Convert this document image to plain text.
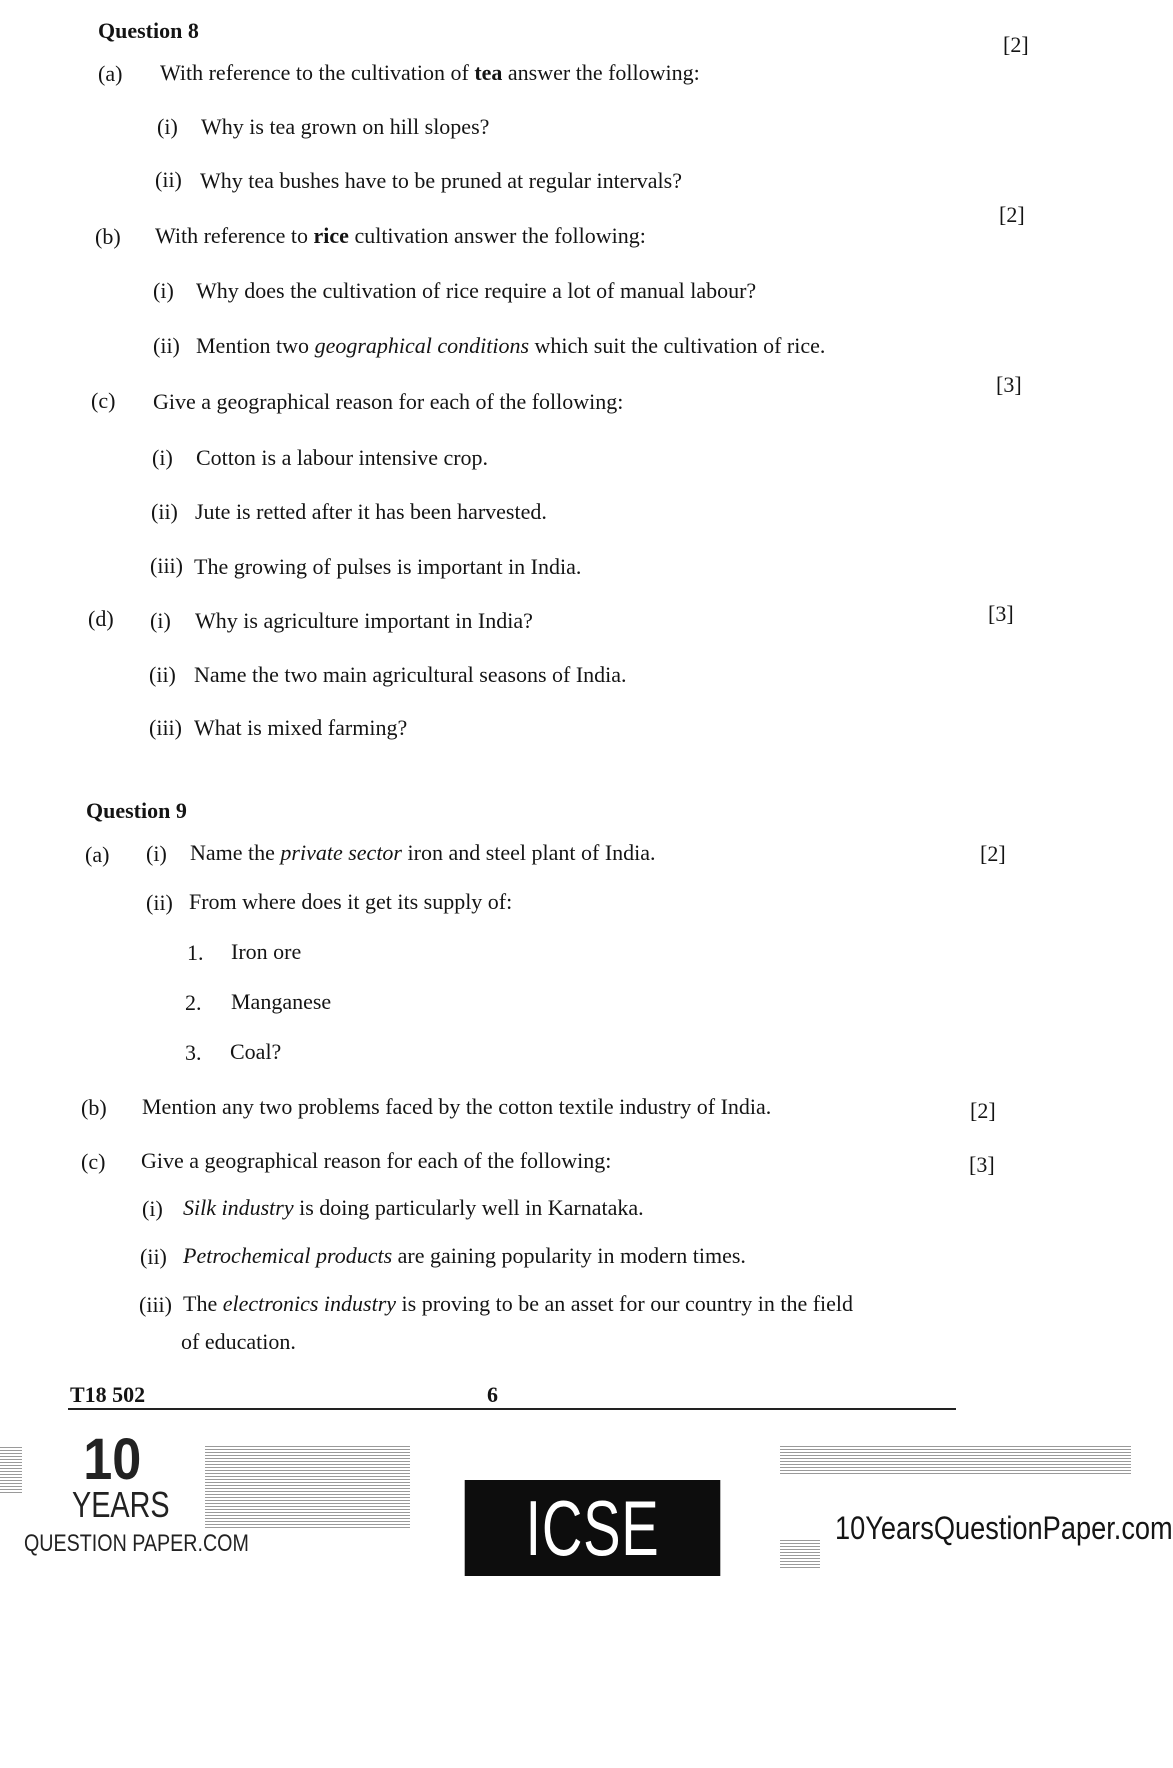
Question 8
(a) With reference to the cultivation of tea answer the following:
[2]
(i) Why is tea grown on hill slopes?
(ii) Why tea bushes have to be pruned at regular intervals?
(b) With reference to rice cultivation answer the following:
[2]
(i) Why does the cultivation of rice require a lot of manual labour?
(ii) Mention two geographical conditions which suit the cultivation of rice.
(c) Give a geographical reason for each of the following:
[3]
(i) Cotton is a labour intensive crop.
(ii) Jute is retted after it has been harvested.
(iii) The growing of pulses is important in India.
(d)	[3]
(i) Why is agriculture important in India?
(ii) Name the two main agricultural seasons of India.
(iii) What is mixed farming?
Question 9
(a) (i) Name the private sector iron and steel plant of India.	[2]
(ii) From where does it get its supply of:
1. Iron ore
2. Manganese
3. Coal?
(b) Mention any two problems faced by the cotton textile industry of India.	[2]
(c) Give a geographical reason for each of the following:	[3]
(i) Silk industry is doing particularly well in Karnataka.
(ii) Petrochemical products are gaining popularity in modern times.
(iii) The electronics industry is proving to be an asset for our country in the field
of education.
T18 502	6
10
YEARS
QUESTION PAPER.COM	ICSE BOARD X
10YearsQuestionPaper.com
